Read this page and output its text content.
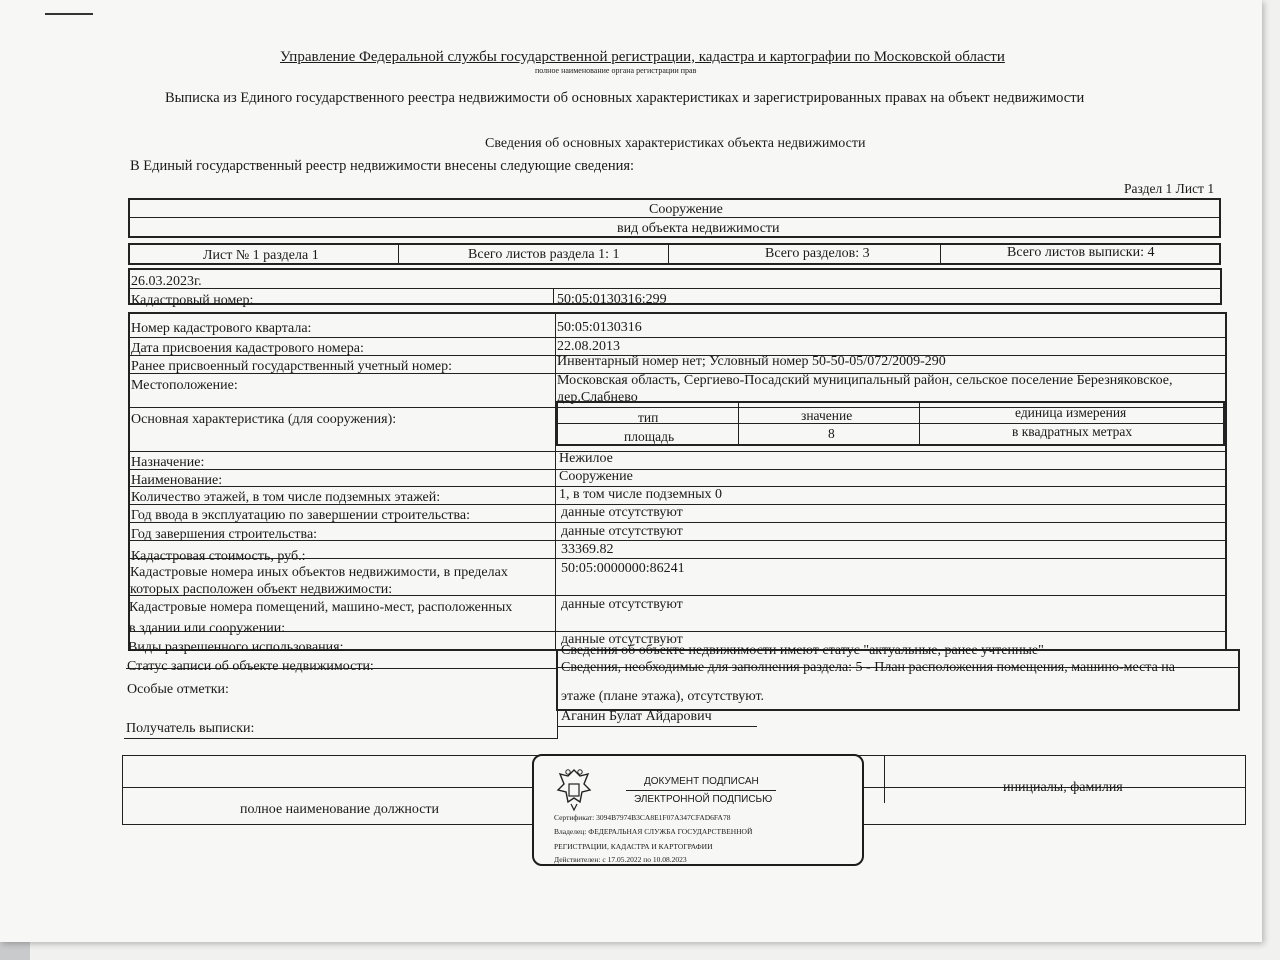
Управление Федеральной службы государственной регистрации, кадастра и картографии по Московской области
полное наименование органа регистрации прав
Выписка из Единого государственного реестра недвижимости об основных характеристиках и зарегистрированных правах на объект недвижимости
Сведения об основных характеристиках объекта недвижимости
В Единый государственный реестр недвижимости внесены следующие сведения:
Раздел 1 Лист 1
Сооружение
вид объекта недвижимости
Лист № 1 раздела 1	Всего листов раздела 1: 1	Всего разделов: 3	Всего листов выписки: 4
26.03.2023г.
Кадастровый номер:	50:05:0130316:299
Номер кадастрового квартала:	50:05:0130316
Дата присвоения кадастрового номера:	22.08.2013
Ранее присвоенный государственный учетный номер:	Инвентарный номер нет; Условный номер 50-50-05/072/2009-290
Местоположение:	Московская область, Сергиево-Посадский муниципальный район, сельское поселение Березняковское,
дер.Слабнево
Основная характеристика (для сооружения):	тип	значение	единица измерения
площадь	8	в квадратных метрах
Назначение:	Нежилое
Наименование:	Сооружение
Количество этажей, в том числе подземных этажей:	1, в том числе подземных 0
Год ввода в эксплуатацию по завершении строительства:	данные отсутствуют
Год завершения строительства:	данные отсутствуют
Кадастровая стоимость, руб.:	33369.82
Кадастровые номера иных объектов недвижимости, в пределах
которых расположен объект недвижимости:
50:05:0000000:86241
Кадастровые номера помещений, машино-мест, расположенных
в здании или сооружении:
данные отсутствуют
Виды разрешенного использования:
данные отсутствуют
Статус записи об объекте недвижимости:
Сведения об объекте недвижимости имеют статус "актуальные, ранее учтенные"
Особые отметки:
Сведения, необходимые для заполнения раздела: 5 - План расположения помещения, машино-места на
этаже (плане этажа), отсутствуют.
Получатель выписки:
Аганин Булат Айдарович
полное наименование должности
инициалы, фамилия
ДОКУМЕНТ ПОДПИСАН
ЭЛЕКТРОННОЙ ПОДПИСЬЮ
Сертификат: 3094B7974B3CA8E1F07A347CFAD6FA78
Владелец: ФЕДЕРАЛЬНАЯ СЛУЖБА ГОСУДАРСТВЕННОЙ
РЕГИСТРАЦИИ, КАДАСТРА И КАРТОГРАФИИ
Действителен: с 17.05.2022 по 10.08.2023
